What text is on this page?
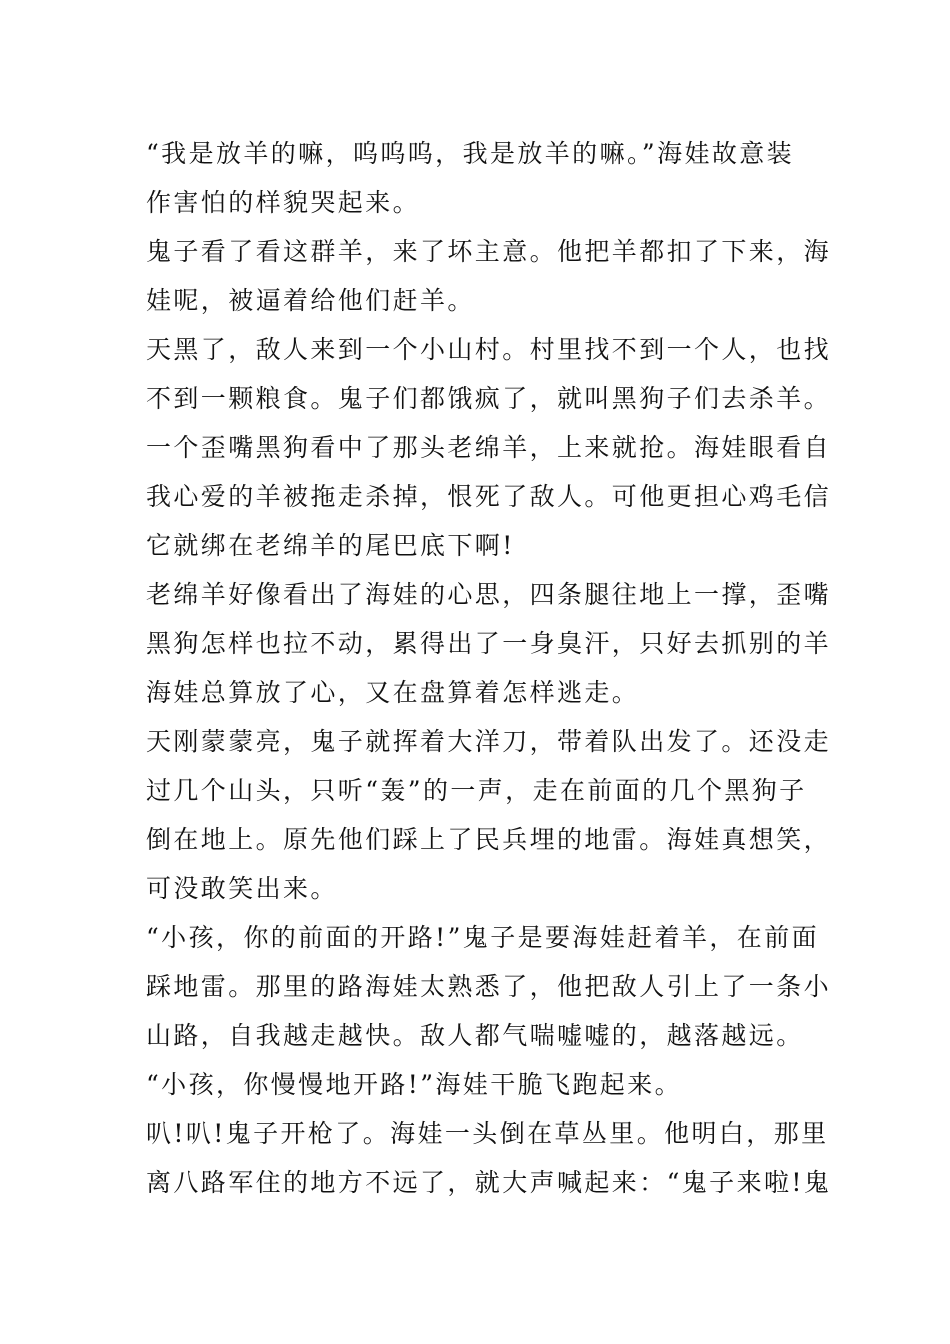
“我是放羊的嘛，呜呜呜，我是放羊的嘛。”海娃故意装
作害怕的样貌哭起来。
鬼子看了看这群羊，来了坏主意。他把羊都扣了下来，海
娃呢，被逼着给他们赶羊。
天黑了，敌人来到一个小山村。村里找不到一个人，也找
不到一颗粮食。鬼子们都饿疯了，就叫黑狗子们去杀羊。
一个歪嘴黑狗看中了那头老绵羊，上来就抢。海娃眼看自
我心爱的羊被拖走杀掉，恨死了敌人。可他更担心鸡毛信
它就绑在老绵羊的尾巴底下啊!
老绵羊好像看出了海娃的心思，四条腿往地上一撑，歪嘴
黑狗怎样也拉不动，累得出了一身臭汗，只好去抓别的羊
海娃总算放了心，又在盘算着怎样逃走。
天刚蒙蒙亮，鬼子就挥着大洋刀，带着队出发了。还没走
过几个山头，只听“轰”的一声，走在前面的几个黑狗子
倒在地上。原先他们踩上了民兵埋的地雷。海娃真想笑，
可没敢笑出来。
“小孩，你的前面的开路!”鬼子是要海娃赶着羊，在前面
踩地雷。那里的路海娃太熟悉了，他把敌人引上了一条小
山路，自我越走越快。敌人都气喘嘘嘘的，越落越远。
“小孩，你慢慢地开路!”海娃干脆飞跑起来。
叭!叭!鬼子开枪了。海娃一头倒在草丛里。他明白，那里
离八路军住的地方不远了，就大声喊起来：“鬼子来啦!鬼
